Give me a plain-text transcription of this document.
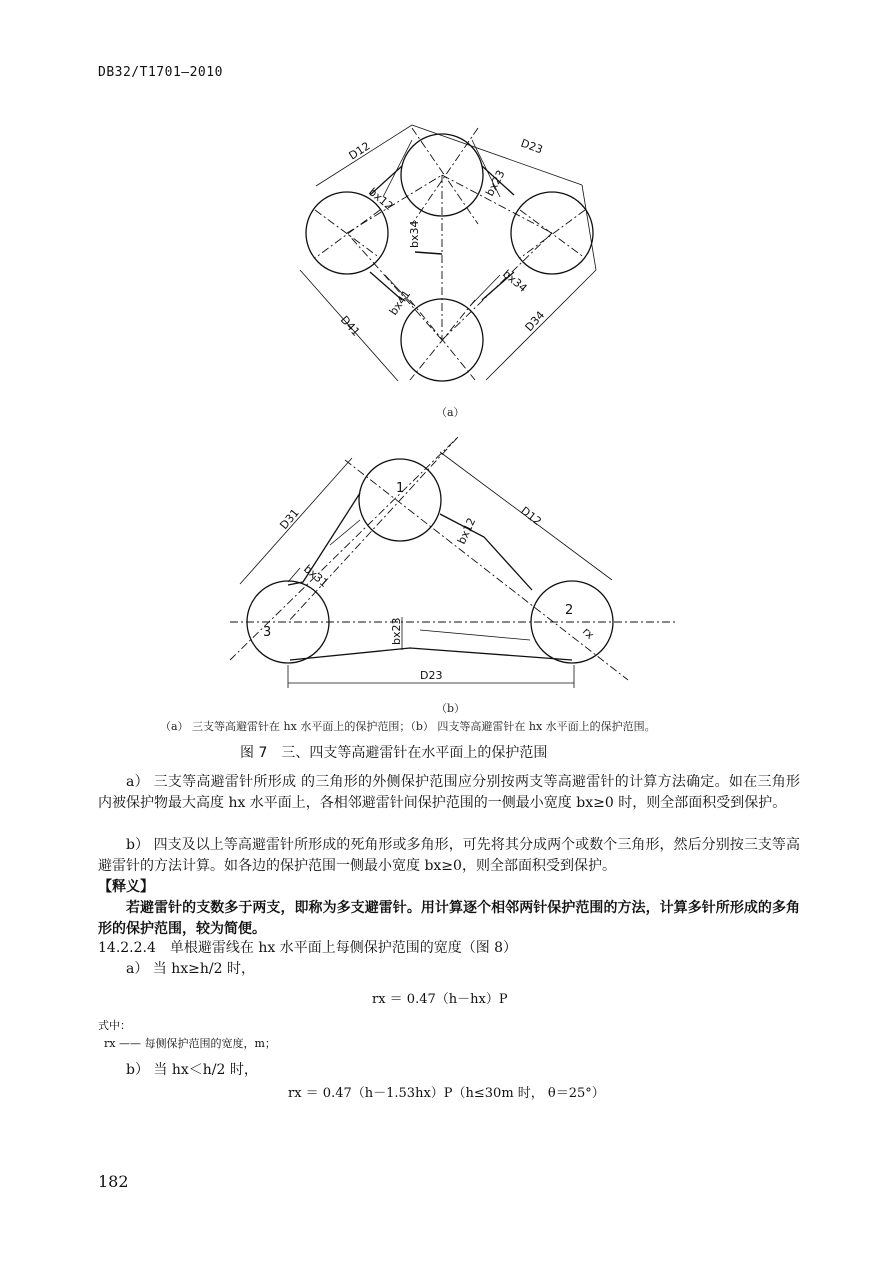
DB32/T1701—2010
D12	D23
D34
D41
bx12
bx23
bx34
bx41
bx34
（a）
1
2
3
D31	D12
D23
bx12
bx31
bx23	rx
（b）
（a） 三支等高避雷针在 hx 水平面上的保护范围；（b） 四支等高避雷针在 hx 水平面上的保护范围。
图 7　三、四支等高避雷针在水平面上的保护范围
a） 三支等高避雷针所形成 的三角形的外侧保护范围应分别按两支等高避雷针的计算方法确定。如在三角形内被保护物最大高度 hx 水平面上，各相邻避雷针间保护范围的一侧最小宽度 bx≥0 时，则全部面积受到保护。
b） 四支及以上等高避雷针所形成的死角形或多角形，可先将其分成两个或数个三角形，然后分别按三支等高避雷针的方法计算。如各边的保护范围一侧最小宽度 bx≥0，则全部面积受到保护。
【释义】
若避雷针的支数多于两支，即称为多支避雷针。用计算逐个相邻两针保护范围的方法，计算多针所形成的多角形的保护范围，较为简便。
14.2.2.4　单根避雷线在 hx 水平面上每侧保护范围的宽度（图 8）
a） 当 hx≥h/2 时，
rx ＝ 0.47（h－hx）P
式中：
rx —— 每侧保护范围的宽度，m；
b） 当 hx＜h/2 时，
rx ＝ 0.47（h－1.53hx）P（h≤30m 时， θ＝25°）
182
